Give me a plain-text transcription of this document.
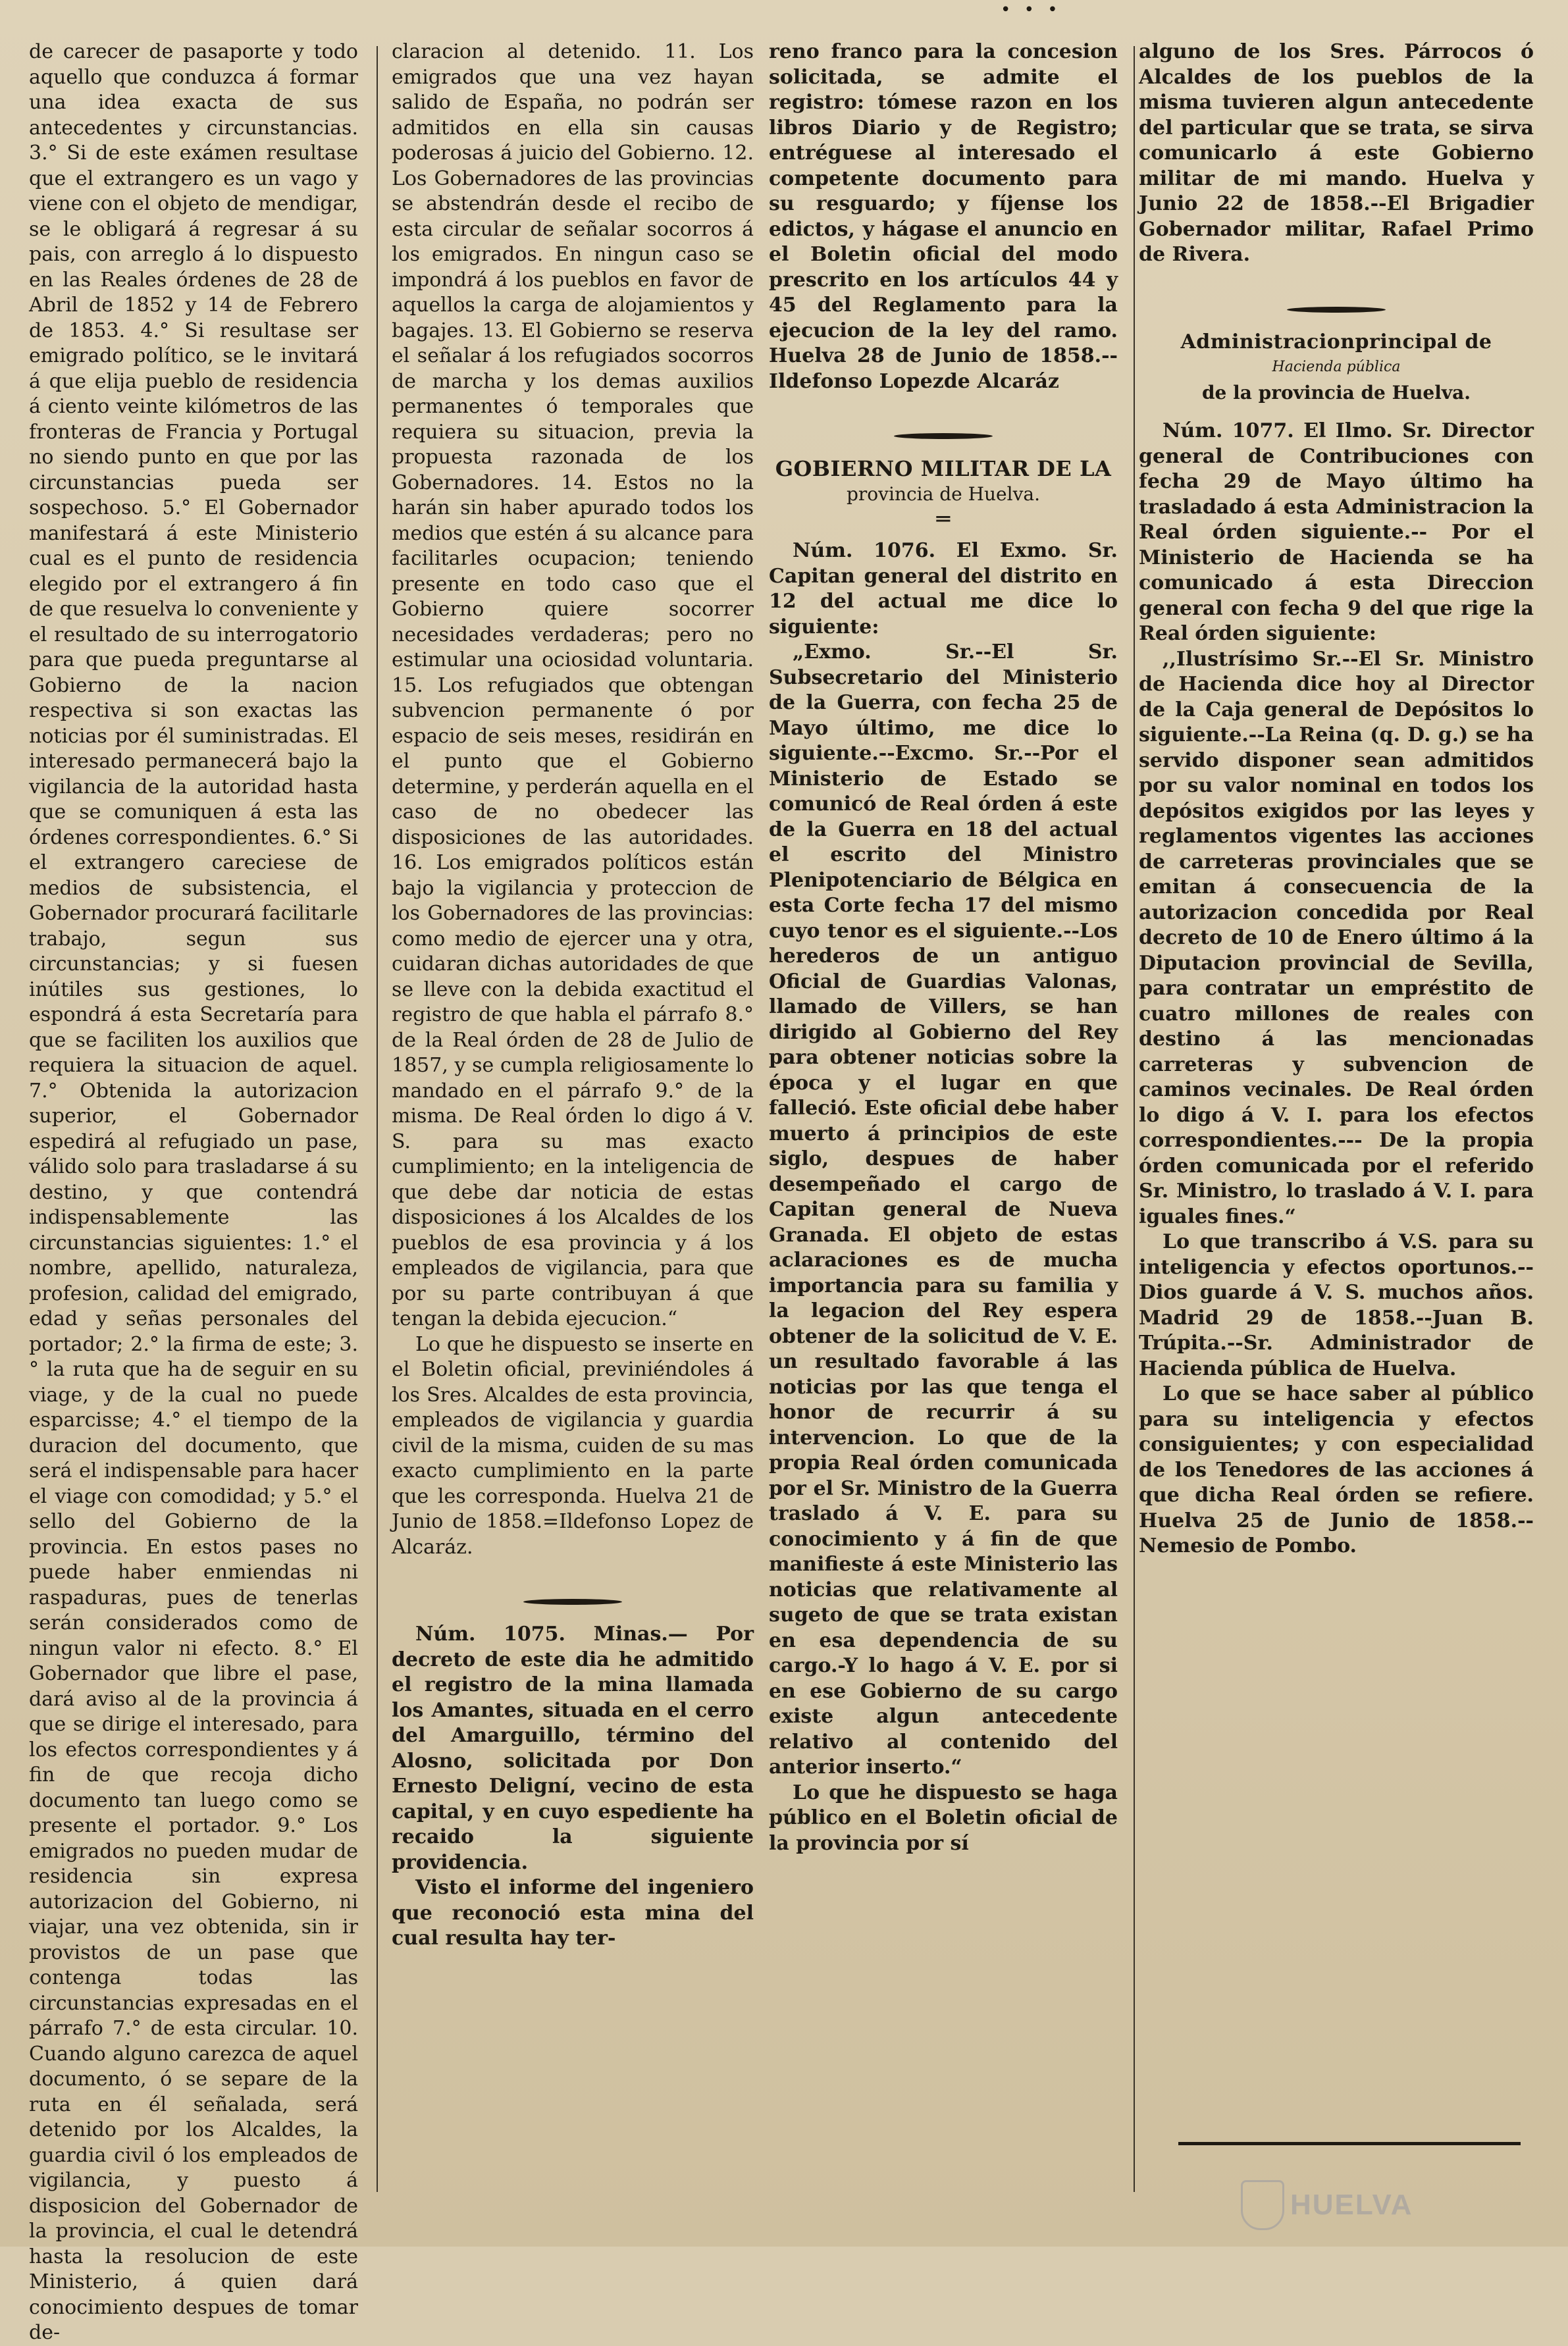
• • •

de carecer de pasaporte y todo aquello que conduzca á formar una idea exacta de sus antecedentes y circunstancias. 3.° Si de este exámen resultase que el extrangero es un vago y viene con el objeto de mendigar, se le obligará á regresar á su pais, con arreglo á lo dispuesto en las Reales órdenes de 28 de Abril de 1852 y 14 de Febrero de 1853. 4.° Si resultase ser emigrado político, se le invitará á que elija pueblo de residencia á ciento veinte kilómetros de las fronteras de Francia y Portugal no siendo punto en que por las circunstancias pueda ser sospechoso. 5.° El Gobernador manifestará á este Ministerio cual es el punto de residencia elegido por el extrangero á fin de que resuelva lo conveniente y el resultado de su interrogatorio para que pueda preguntarse al Gobierno de la nacion respectiva si son exactas las noticias por él suministradas. El interesado permanecerá bajo la vigilancia de la autoridad hasta que se comuniquen á esta las órdenes correspondientes. 6.° Si el extrangero careciese de medios de subsistencia, el Gobernador procurará facilitarle trabajo, segun sus circunstancias; y si fuesen inútiles sus gestiones, lo espondrá á esta Secretaría para que se faciliten los auxilios que requiera la situacion de aquel. 7.° Obtenida la autorizacion superior, el Gobernador espedirá al refugiado un pase, válido solo para trasladarse á su destino, y que contendrá indispensablemente las circunstancias siguientes: 1.° el nombre, apellido, naturaleza, profesion, calidad del emigrado, edad y señas personales del portador; 2.° la firma de este; 3.° la ruta que ha de seguir en su viage, y de la cual no puede esparcisse; 4.° el tiempo de la duracion del documento, que será el indispensable para hacer el viage con comodidad; y 5.° el sello del Gobierno de la provincia. En estos pases no puede haber enmiendas ni raspaduras, pues de tenerlas serán considerados como de ningun valor ni efecto. 8.° El Gobernador que libre el pase, dará aviso al de la provincia á que se dirige el interesado, para los efectos correspondientes y á fin de que recoja dicho documento tan luego como se presente el portador. 9.° Los emigrados no pueden mudar de residencia sin expresa autorizacion del Gobierno, ni viajar, una vez obtenida, sin ir provistos de un pase que contenga todas las circunstancias expresadas en el párrafo 7.° de esta circular. 10. Cuando alguno carezca de aquel documento, ó se separe de la ruta en él señalada, será detenido por los Alcaldes, la guardia civil ó los empleados de vigilancia, y puesto á disposicion del Gobernador de la provincia, el cual le detendrá hasta la resolucion de este Ministerio, á quien dará conocimiento despues de tomar de-

claracion al detenido. 11. Los emigrados que una vez hayan salido de España, no podrán ser admitidos en ella sin causas poderosas á juicio del Gobierno. 12. Los Gobernadores de las provincias se abstendrán desde el recibo de esta circular de señalar socorros á los emigrados. En ningun caso se impondrá á los pueblos en favor de aquellos la carga de alojamientos y bagajes. 13. El Gobierno se reserva el señalar á los refugiados socorros de marcha y los demas auxilios permanentes ó temporales que requiera su situacion, previa la propuesta razonada de los Gobernadores. 14. Estos no la harán sin haber apurado todos los medios que estén á su alcance para facilitarles ocupacion; teniendo presente en todo caso que el Gobierno quiere socorrer necesidades verdaderas; pero no estimular una ociosidad voluntaria. 15. Los refugiados que obtengan subvencion permanente ó por espacio de seis meses, residirán en el punto que el Gobierno determine, y perderán aquella en el caso de no obedecer las disposiciones de las autoridades. 16. Los emigrados políticos están bajo la vigilancia y proteccion de los Gobernadores de las provincias: como medio de ejercer una y otra, cuidaran dichas autoridades de que se lleve con la debida exactitud el registro de que habla el párrafo 8.° de la Real órden de 28 de Julio de 1857, y se cumpla religiosamente lo mandado en el párrafo 9.° de la misma. De Real órden lo digo á V. S. para su mas exacto cumplimiento; en la inteligencia de que debe dar noticia de estas disposiciones á los Alcaldes de los pueblos de esa provincia y á los empleados de vigilancia, para que por su parte contribuyan á que tengan la debida ejecucion.“

Lo que he dispuesto se inserte en el Boletin oficial, previniéndoles á los Sres. Alcaldes de esta provincia, empleados de vigilancia y guardia civil de la misma, cuiden de su mas exacto cumplimiento en la parte que les corresponda. Huelva 21 de Junio de 1858.=Ildefonso Lopez de Alcaráz.

Núm. 1075. Minas.— Por decreto de este dia he admitido el registro de la mina llamada los Amantes, situada en el cerro del Amarguillo, término del Alosno, solicitada por Don Ernesto Deligní, vecino de esta capital, y en cuyo espediente ha recaido la siguiente providencia.

Visto el informe del ingeniero que reconoció esta mina del cual resulta hay ter-

reno franco para la concesion solicitada, se admite el registro: tómese razon en los libros Diario y de Registro; entréguese al interesado el competente documento para su resguardo; y fíjense los edictos, y hágase el anuncio en el Boletin oficial del modo prescrito en los artículos 44 y 45 del Reglamento para la ejecucion de la ley del ramo. Huelva 28 de Junio de 1858.--Ildefonso Lopezde Alcaráz

GOBIERNO MILITAR DE LA
provincia de Huelva.
═

Núm. 1076. El Exmo. Sr. Capitan general del distrito en 12 del actual me dice lo siguiente:

„Exmo. Sr.--El Sr. Subsecretario del Ministerio de la Guerra, con fecha 25 de Mayo último, me dice lo siguiente.--Excmo. Sr.--Por el Ministerio de Estado se comunicó de Real órden á este de la Guerra en 18 del actual el escrito del Ministro Plenipotenciario de Bélgica en esta Corte fecha 17 del mismo cuyo tenor es el siguiente.--Los herederos de un antiguo Oficial de Guardias Valonas, llamado de Villers, se han dirigido al Gobierno del Rey para obtener noticias sobre la época y el lugar en que falleció. Este oficial debe haber muerto á principios de este siglo, despues de haber desempeñado el cargo de Capitan general de Nueva Granada. El objeto de estas aclaraciones es de mucha importancia para su familia y la legacion del Rey espera obtener de la solicitud de V. E. un resultado favorable á las noticias por las que tenga el honor de recurrir á su intervencion. Lo que de la propia Real órden comunicada por el Sr. Ministro de la Guerra traslado á V. E. para su conocimiento y á fin de que manifieste á este Ministerio las noticias que relativamente al sugeto de que se trata existan en esa dependencia de su cargo.-Y lo hago á V. E. por si en ese Gobierno de su cargo existe algun antecedente relativo al contenido del anterior inserto.“

Lo que he dispuesto se haga público en el Boletin oficial de la provincia por sí

alguno de los Sres. Párrocos ó Alcaldes de los pueblos de la misma tuvieren algun antecedente del particular que se trata, se sirva comunicarlo á este Gobierno militar de mi mando. Huelva y Junio 22 de 1858.--El Brigadier Gobernador militar, Rafael Primo de Rivera.

Administracionprincipal de
Hacienda pública
de la provincia de Huelva.

Núm. 1077. El Ilmo. Sr. Director general de Contribuciones con fecha 29 de Mayo último ha trasladado á esta Administracion la Real órden siguiente.-- Por el Ministerio de Hacienda se ha comunicado á esta Direccion general con fecha 9 del que rige la Real órden siguiente:

,,Ilustrísimo Sr.--El Sr. Ministro de Hacienda dice hoy al Director de la Caja general de Depósitos lo siguiente.--La Reina (q. D. g.) se ha servido disponer sean admitidos por su valor nominal en todos los depósitos exigidos por las leyes y reglamentos vigentes las acciones de carreteras provinciales que se emitan á consecuencia de la autorizacion concedida por Real decreto de 10 de Enero último á la Diputacion provincial de Sevilla, para contratar un empréstito de cuatro millones de reales con destino á las mencionadas carreteras y subvencion de caminos vecinales. De Real órden lo digo á V. I. para los efectos correspondientes.--- De la propia órden comunicada por el referido Sr. Ministro, lo traslado á V. I. para iguales fines.“

Lo que transcribo á V.S. para su inteligencia y efectos oportunos.--Dios guarde á V. S. muchos años. Madrid 29 de 1858.--Juan B. Trúpita.--Sr. Administrador de Hacienda pública de Huelva.

Lo que se hace saber al público para su inteligencia y efectos consiguientes; y con especialidad de los Tenedores de las acciones á que dicha Real órden se refiere. Huelva 25 de Junio de 1858.--Nemesio de Pombo.

HUELVA
